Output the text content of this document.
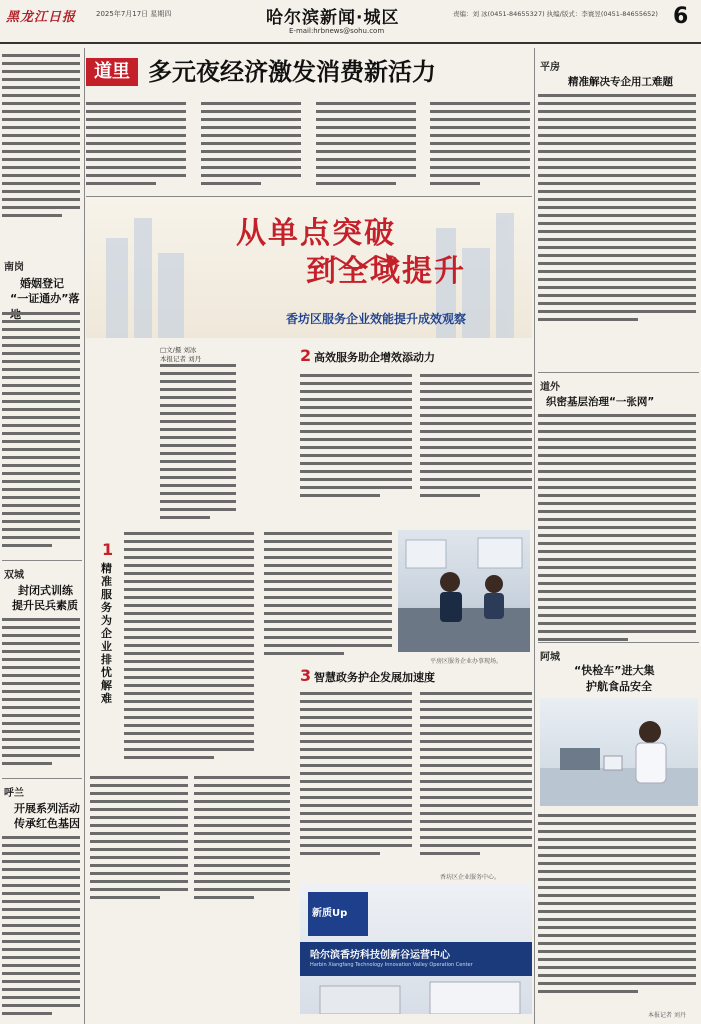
黑龙江日报	2025年7月17日 星期四	哈尔滨新闻·城区
E-mail:hrbnews@sohu.com
责编：刘 冰(0451-84655327) 执编/版式：李寰昱(0451-84655652) 6
道里 多元夜经济激发消费新活力
南岗
婚姻登记
“一证通办”落
双城
封闭式训练
提升民兵素质
呼兰
开展系列活动
传承红色基因
从单点突破
到全域提升
香坊区服务企业效能提升成效观察
□文/摄 刘冰
本报记者 刘丹	2 高效服务助企增效添动力
平房区服务企业办事现场。
1
精准服务为企业排忧解难
3 智慧政务护企发展加速度
新质Up
哈尔滨香坊科技创新谷运营中心
Harbin Xiangfang Technology Innovation Valley Operation Center
香坊区企业服务中心。
平房
精准解决专企用工难题
道外
织密基层治理“一张网”
阿城
“快检车”进大集
护航食品安全
本报记者 刘丹
